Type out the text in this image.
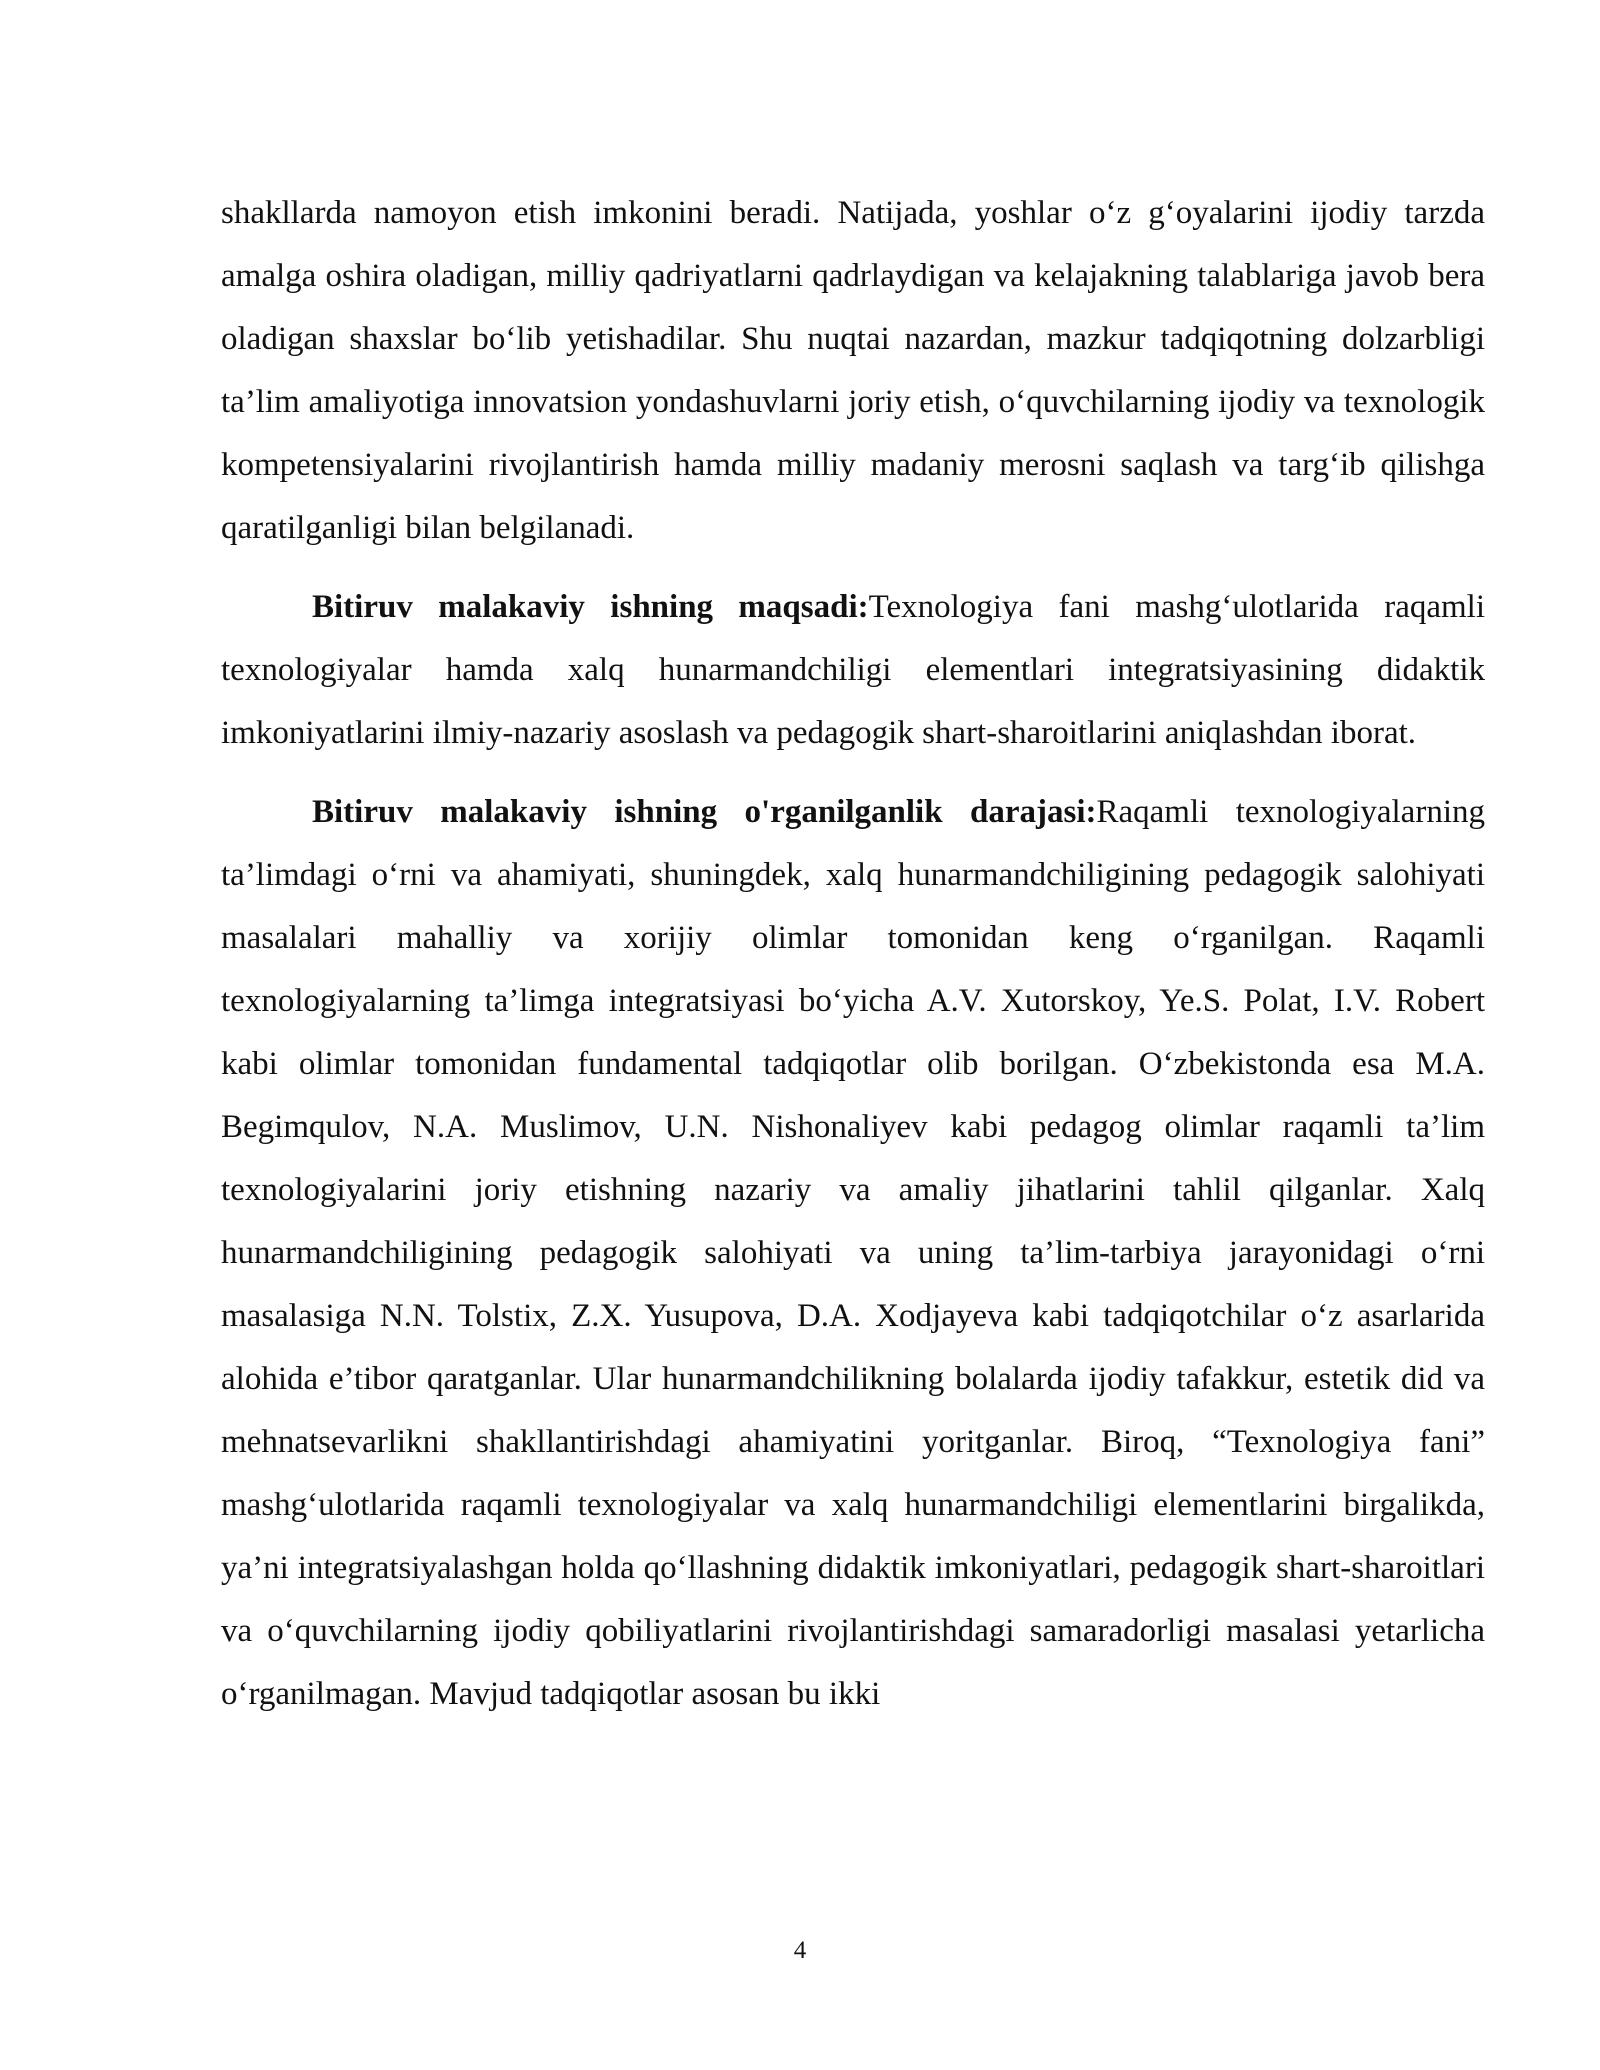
shakllarda namoyon etish imkonini beradi. Natijada, yoshlar o‘z g‘oyalarini ijodiy tarzda amalga oshira oladigan, milliy qadriyatlarni qadrlaydigan va kelajakning talablariga javob bera oladigan shaxslar bo‘lib yetishadilar. Shu nuqtai nazardan, mazkur tadqiqotning dolzarbligi ta’lim amaliyotiga innovatsion yondashuvlarni joriy etish, o‘quvchilarning ijodiy va texnologik kompetensiyalarini rivojlantirish hamda milliy madaniy merosni saqlash va targ‘ib qilishga qaratilganligi bilan belgilanadi.

Bitiruv malakaviy ishning maqsadi:Texnologiya fani mashg‘ulotlarida raqamli texnologiyalar hamda xalq hunarmandchiligi elementlari integratsiyasining didaktik imkoniyatlarini ilmiy-nazariy asoslash va pedagogik shart-sharoitlarini aniqlashdan iborat.

Bitiruv malakaviy ishning o'rganilganlik darajasi:Raqamli texnologiyalarning ta’limdagi o‘rni va ahamiyati, shuningdek, xalq hunarmandchiligining pedagogik salohiyati masalalari mahalliy va xorijiy olimlar tomonidan keng o‘rganilgan. Raqamli texnologiyalarning ta’limga integratsiyasi bo‘yicha A.V. Xutorskoy, Ye.S. Polat, I.V. Robert kabi olimlar tomonidan fundamental tadqiqotlar olib borilgan. O‘zbekistonda esa M.A. Begimqulov, N.A. Muslimov, U.N. Nishonaliyev kabi pedagog olimlar raqamli ta’lim texnologiyalarini joriy etishning nazariy va amaliy jihatlarini tahlil qilganlar. Xalq hunarmandchiligining pedagogik salohiyati va uning ta’lim-tarbiya jarayonidagi o‘rni masalasiga N.N. Tolstix, Z.X. Yusupova, D.A. Xodjayeva kabi tadqiqotchilar o‘z asarlarida alohida e’tibor qaratganlar. Ular hunarmandchilikning bolalarda ijodiy tafakkur, estetik did va mehnatsevarlikni shakllantirishdagi ahamiyatini yoritganlar. Biroq, “Texnologiya fani” mashg‘ulotlarida raqamli texnologiyalar va xalq hunarmandchiligi elementlarini birgalikda, ya’ni integratsiyalashgan holda qo‘llashning didaktik imkoniyatlari, pedagogik shart-sharoitlari va o‘quvchilarning ijodiy qobiliyatlarini rivojlantirishdagi samaradorligi masalasi yetarlicha o‘rganilmagan. Mavjud tadqiqotlar asosan bu ikki

4
